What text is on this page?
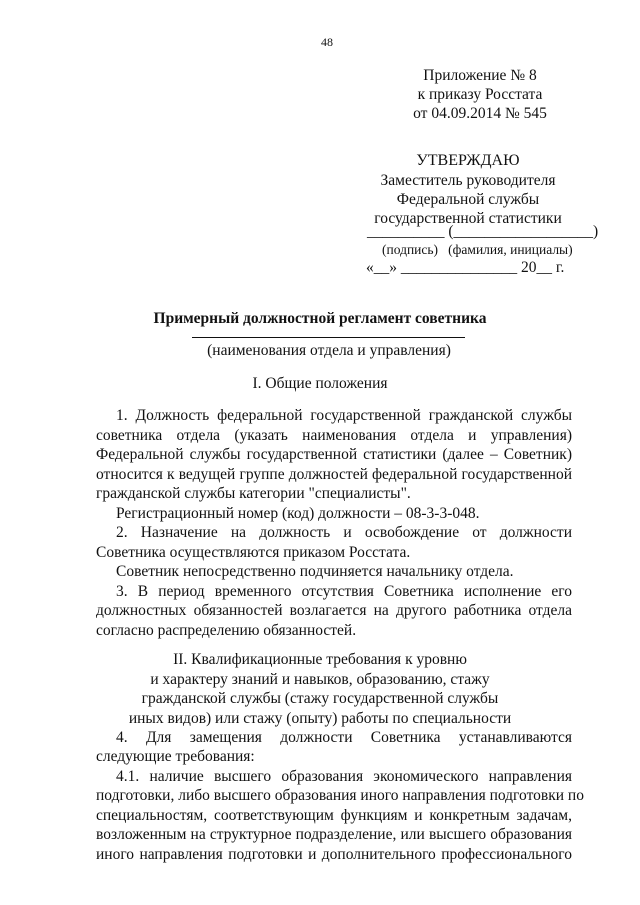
48
Приложение № 8
к приказу Росстата
от 04.09.2014 № 545
УТВЕРЖДАЮ
Заместитель руководителя
Федеральной службы
государственной статистики
__________ (__________________)
(подпись)   (фамилия, инициалы)
«__» _______________ 20__ г.
Примерный должностной регламент советника
(наименования отдела и управления)
I. Общие положения
1. Должность федеральной государственной гражданской службы
советника отдела (указать наименования отдела и управления)
Федеральной службы государственной статистики (далее – Советник)
относится к ведущей группе должностей федеральной государственной
гражданской службы категории "специалисты".
Регистрационный номер (код) должности – 08-3-3-048.
2. Назначение на должность и освобождение от должности
Советника осуществляются приказом Росстата.
Советник непосредственно подчиняется начальнику отдела.
3. В период временного отсутствия Советника исполнение его
должностных обязанностей возлагается на другого работника отдела
согласно распределению обязанностей.
II. Квалификационные требования к уровню
и характеру знаний и навыков, образованию, стажу
гражданской службы (стажу государственной службы
иных видов) или стажу (опыту) работы по специальности
4. Для замещения должности Советника устанавливаются
следующие требования:
4.1. наличие высшего образования экономического направления
подготовки, либо высшего образования иного направления подготовки по
специальностям, соответствующим функциям и конкретным задачам,
возложенным на структурное подразделение, или высшего образования
иного направления подготовки и дополнительного профессионального
